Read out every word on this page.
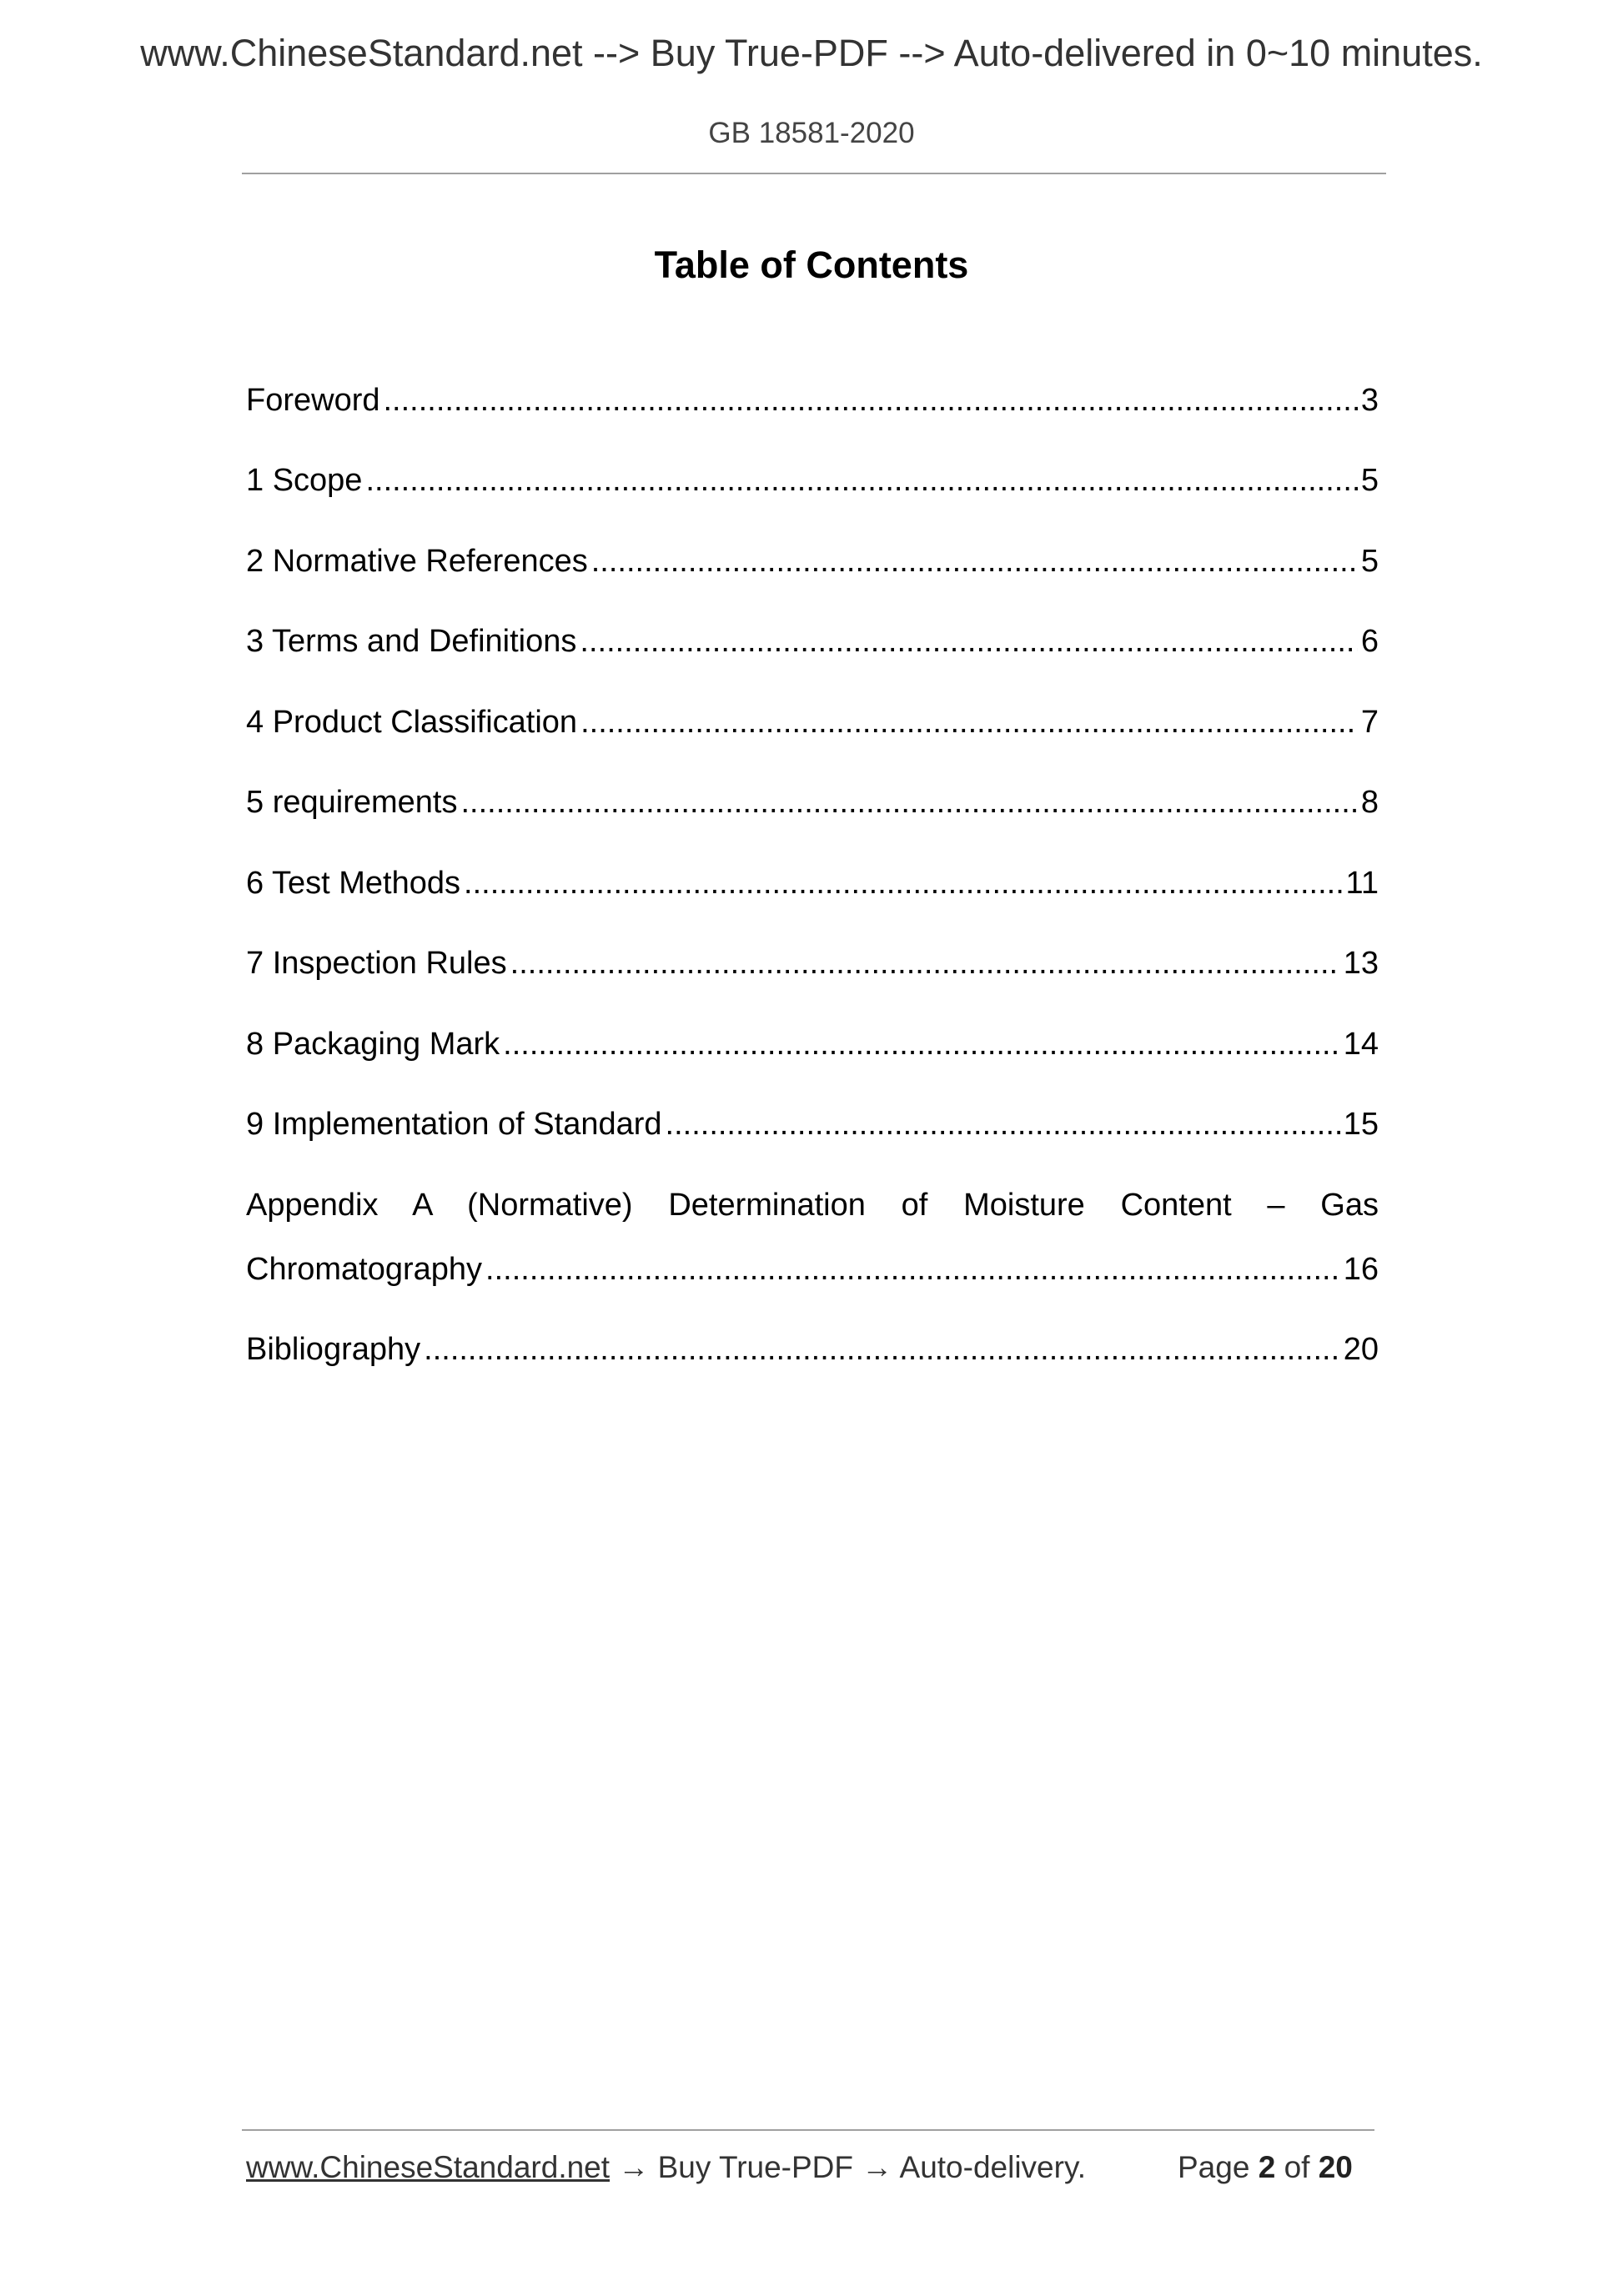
www.ChineseStandard.net --> Buy True-PDF --> Auto-delivered in 0~10 minutes.
GB 18581-2020
Table of Contents
Foreword .....	3
1 Scope .....	5
2 Normative References .....	5
3 Terms and Definitions .....	6
4 Product Classification .....	7
5 requirements .....	8
6 Test Methods .....	11
7 Inspection Rules .....	13
8 Packaging Mark .....	14
9 Implementation of Standard .....	15
Appendix A (Normative) Determination of Moisture Content – Gas
Chromatography .....	16
Bibliography .....	20
www.ChineseStandard.net → Buy True-PDF → Auto-delivery.	Page 2 of 20
